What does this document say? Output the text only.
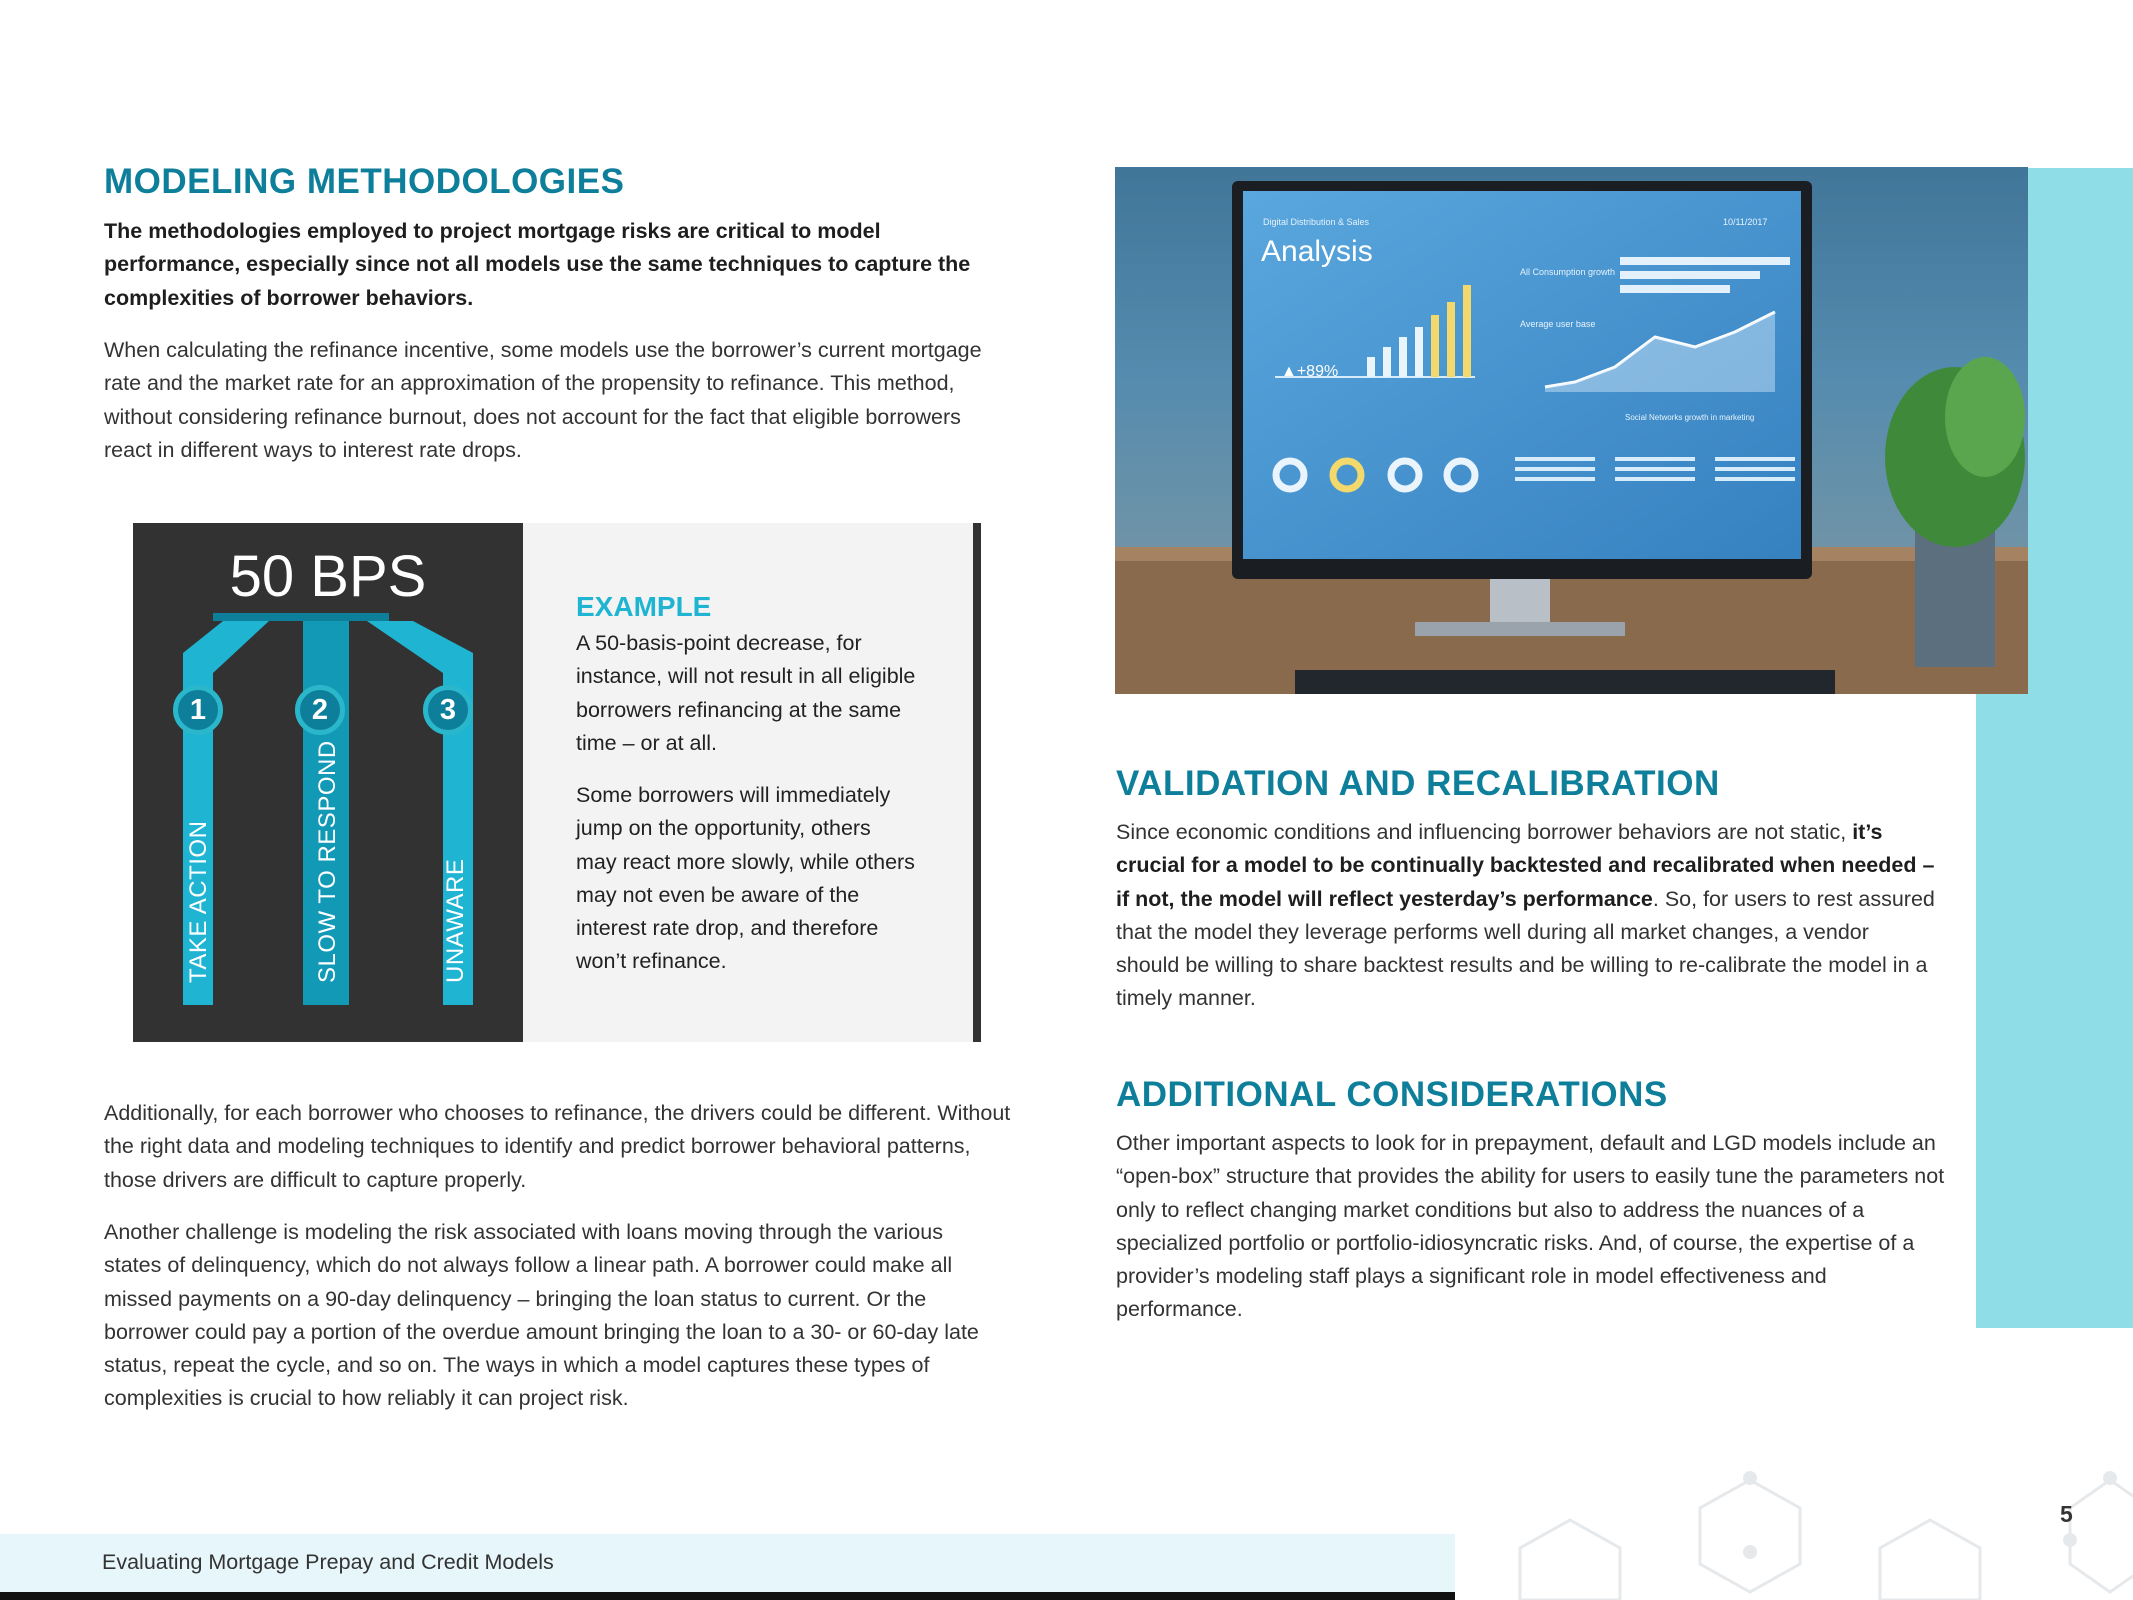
MODELING METHODOLOGIES

The methodologies employed to project mortgage risks are critical to model performance, especially since not all models use the same techniques to capture the complexities of borrower behaviors.

When calculating the refinance incentive, some models use the borrower’s current mortgage rate and the market rate for an approximation of the propensity to refinance. This method, without considering refinance burnout, does not account for the fact that eligible borrowers react in different ways to interest rate drops.

50 BPS
1	2	3
TAKE ACTION	SLOW TO RESPOND	UNAWARE
EXAMPLE

A 50-basis-point decrease, for instance, will not result in all eligible borrowers refinancing at the same time – or at all.

Some borrowers will immediately jump on the opportunity, others may react more slowly, while others may not even be aware of the interest rate drop, and therefore won’t refinance.

Additionally, for each borrower who chooses to refinance, the drivers could be different. Without the right data and modeling techniques to identify and predict borrower behavioral patterns, those drivers are difficult to capture properly.

Another challenge is modeling the risk associated with loans moving through the various states of delinquency, which do not always follow a linear path. A borrower could make all missed payments on a 90-day delinquency – bringing the loan status to current. Or the borrower could pay a portion of the overdue amount bringing the loan to a 30- or 60-day late status, repeat the cycle, and so on. The ways in which a model captures these types of complexities is crucial to how reliably it can project risk.

Digital Distribution & Sales	10/11/2017
Analysis
▲+89%
All Consumption growth
Average user base
Social Networks growth in marketing
VALIDATION AND RECALIBRATION

Since economic conditions and influencing borrower behaviors are not static, it’s crucial for a model to be continually backtested and recalibrated when needed – if not, the model will reflect yesterday’s performance. So, for users to rest assured that the model they leverage performs well during all market changes, a vendor should be willing to share backtest results and be willing to re-calibrate the model in a timely manner.

ADDITIONAL CONSIDERATIONS

Other important aspects to look for in prepayment, default and LGD models include an “open-box” structure that provides the ability for users to easily tune the parameters not only to reflect changing market conditions but also to address the nuances of a specialized portfolio or portfolio-idiosyncratic risks. And, of course, the expertise of a provider’s modeling staff plays a significant role in model effectiveness and performance.

Evaluating Mortgage Prepay and Credit Models
5
